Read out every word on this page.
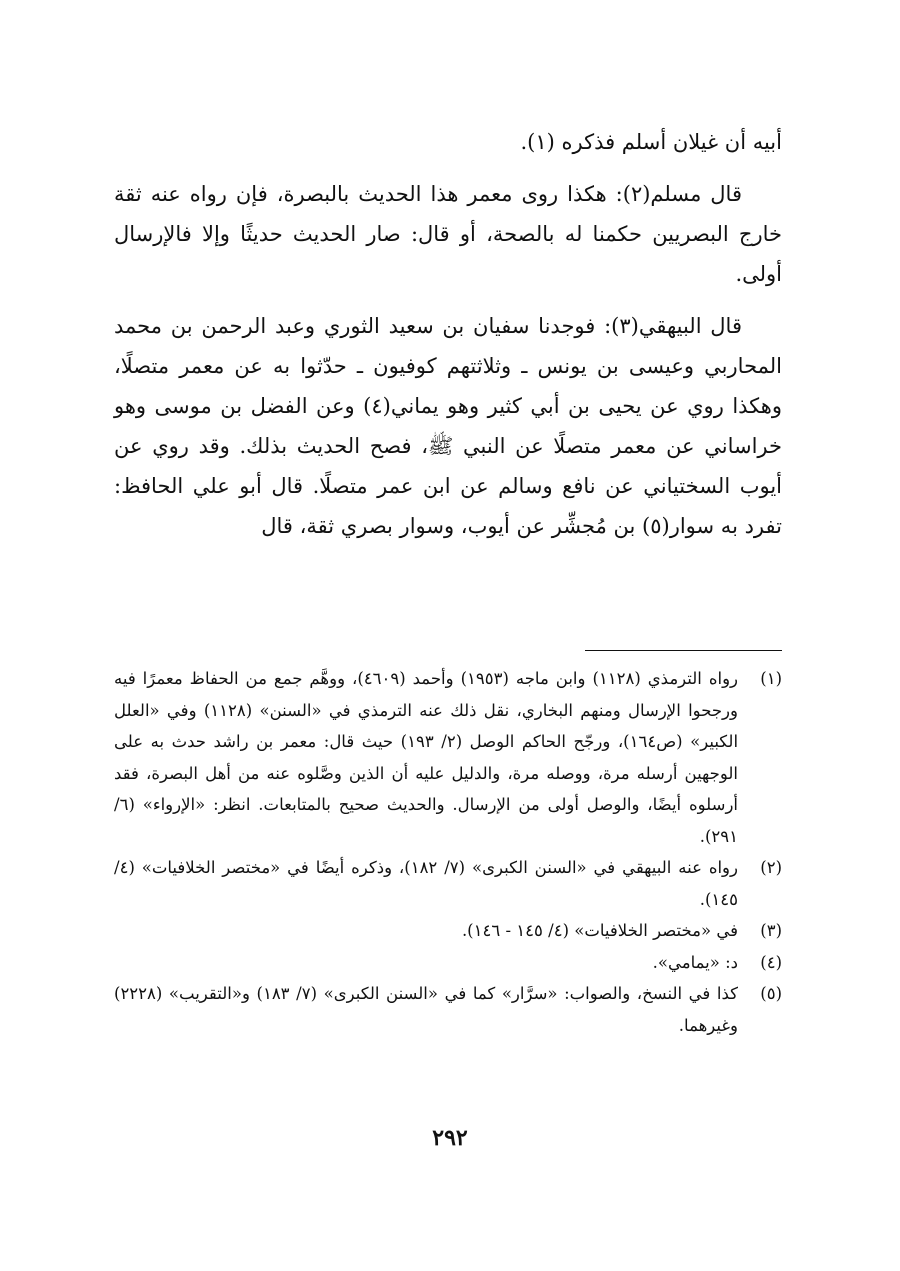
أبيه أن غيلان أسلم فذكره (١).

قال مسلم(٢): هكذا روى معمر هذا الحديث بالبصرة، فإن رواه عنه ثقة خارج البصريين حكمنا له بالصحة، أو قال: صار الحديث حديثًا وإلا فالإرسال أولى.

قال البيهقي(٣): فوجدنا سفيان بن سعيد الثوري وعبد الرحمن بن محمد المحاربي وعيسى بن يونس ـ وثلاثتهم كوفيون ـ حدّثوا به عن معمر متصلًا، وهكذا روي عن يحيى بن أبي كثير وهو يماني(٤) وعن الفضل بن موسى وهو خراساني عن معمر متصلًا عن النبي ﷺ، فصح الحديث بذلك. وقد روي عن أيوب السختياني عن نافع وسالم عن ابن عمر متصلًا. قال أبو علي الحافظ: تفرد به سوار(٥) بن مُجشِّر عن أيوب، وسوار بصري ثقة، قال

(١)
رواه الترمذي (١١٢٨) وابن ماجه (١٩٥٣) وأحمد (٤٦٠٩)، ووهَّم جمع من الحفاظ معمرًا فيه ورجحوا الإرسال ومنهم البخاري، نقل ذلك عنه الترمذي في «السنن» (١١٢٨) وفي «العلل الكبير» (ص١٦٤)، ورجّح الحاكم الوصل (٢/ ١٩٣) حيث قال: معمر بن راشد حدث به على الوجهين أرسله مرة، ووصله مرة، والدليل عليه أن الذين وصَّلوه عنه من أهل البصرة، فقد أرسلوه أيضًا، والوصل أولى من الإرسال. والحديث صحيح بالمتابعات. انظر: «الإرواء» (٦/ ٢٩١).
(٢)
رواه عنه البيهقي في «السنن الكبرى» (٧/ ١٨٢)، وذكره أيضًا في «مختصر الخلافيات» (٤/ ١٤٥).
(٣)
في «مختصر الخلافيات» (٤/ ١٤٥ - ١٤٦).
(٤)
د: «يمامي».
(٥)
كذا في النسخ، والصواب: «سرَّار» كما في «السنن الكبرى» (٧/ ١٨٣) و«التقريب» (٢٢٢٨) وغيرهما.
٢٩٢
